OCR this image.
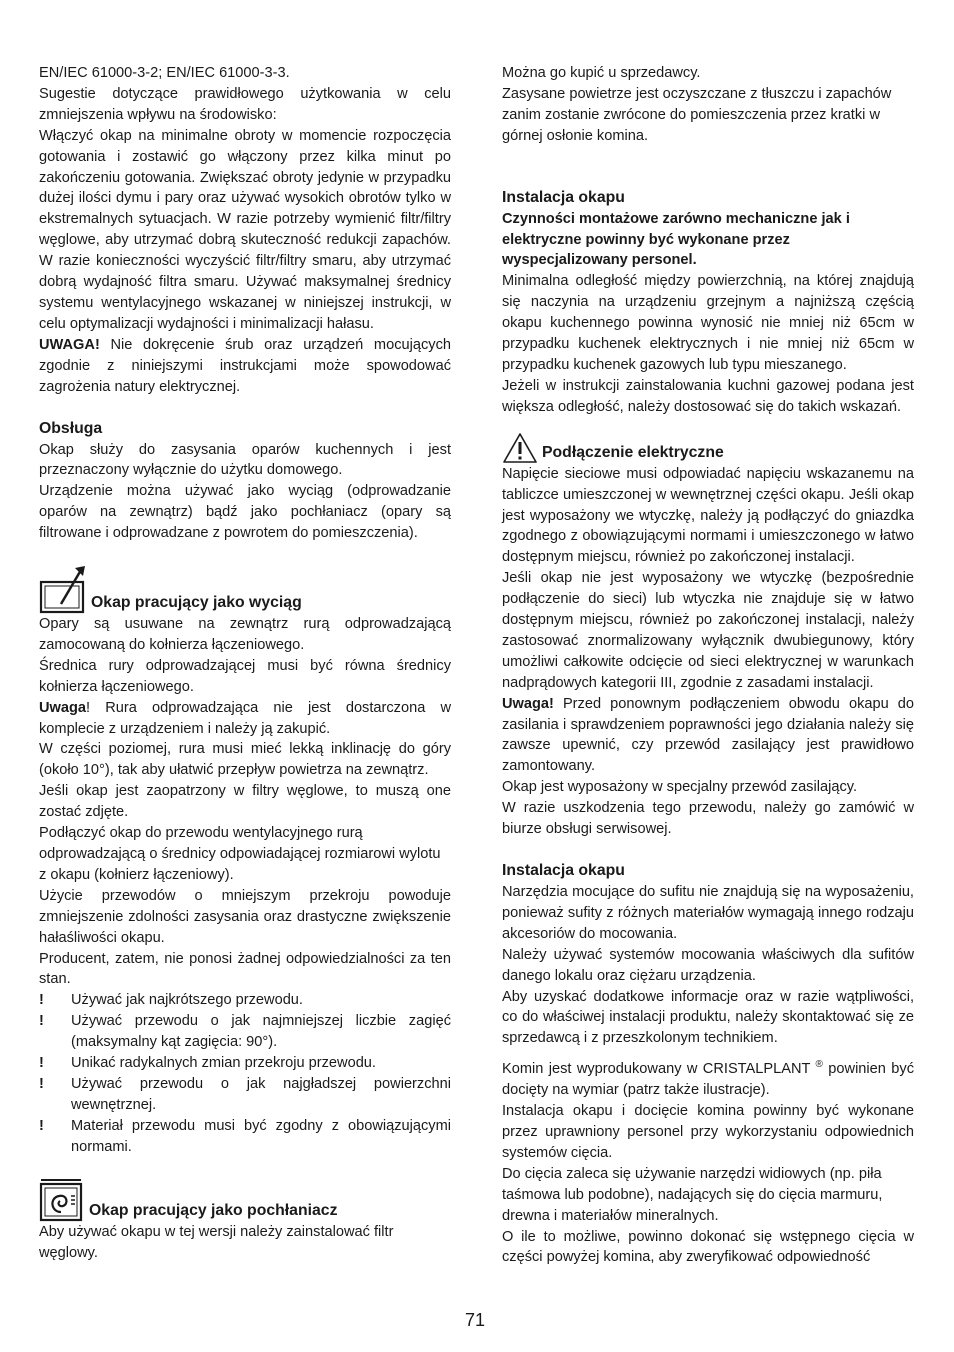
EN/IEC 61000-3-2; EN/IEC 61000-3-3.

Sugestie dotyczące prawidłowego użytkowania w celu zmniejszenia wpływu na środowisko:

Włączyć okap na minimalne obroty w momencie rozpoczęcia gotowania i zostawić go włączony przez kilka minut po zakończeniu gotowania. Zwiększać obroty jedynie w przypadku dużej ilości dymu i pary oraz używać wysokich obrotów tylko w ekstremalnych sytuacjach. W razie potrzeby wymienić filtr/filtry węglowe, aby utrzymać dobrą skuteczność redukcji zapachów. W razie konieczności wyczyścić filtr/filtry smaru, aby utrzymać dobrą wydajność filtra smaru. Używać maksymalnej średnicy systemu wentylacyjnego wskazanej w niniejszej instrukcji, w celu optymalizacji wydajności i minimalizacji hałasu.

UWAGA! Nie dokręcenie śrub oraz urządzeń mocujących zgodnie z niniejszymi instrukcjami może spowodować zagrożenia natury elektrycznej.

Obsługa

Okap służy do zasysania oparów kuchennych i jest przeznaczony wyłącznie do użytku domowego.

Urządzenie można używać jako wyciąg (odprowadzanie oparów na zewnątrz) bądź jako pochłaniacz (opary są filtrowane i odprowadzane z powrotem do pomieszczenia).

Okap pracujący jako wyciąg

Opary są usuwane na zewnątrz rurą odprowadzającą zamocowaną do kołnierza łączeniowego.

Średnica rury odprowadzającej musi być równa średnicy kołnierza łączeniowego.

Uwaga! Rura odprowadzająca nie jest dostarczona w komplecie z urządzeniem i należy ją zakupić.

W części poziomej, rura musi mieć lekką inklinację do góry (około 10°), tak aby ułatwić przepływ powietrza na zewnątrz.

Jeśli okap jest zaopatrzony w filtry węglowe, to muszą one zostać zdjęte.

Podłączyć okap do przewodu wentylacyjnego rurą

odprowadzającą o średnicy odpowiadającej rozmiarowi wylotu z okapu (kołnierz łączeniowy).

Użycie przewodów o mniejszym przekroju powoduje zmniejszenie zdolności zasysania oraz drastyczne zwiększenie hałaśliwości okapu.

Producent, zatem, nie ponosi żadnej odpowiedzialności za ten stan.

!	Używać jak najkrótszego przewodu.
!	Używać przewodu o jak najmniejszej liczbie zagięć (maksymalny kąt zagięcia: 90°).
!	Unikać radykalnych zmian przekroju przewodu.
!	Używać przewodu o jak najgładszej powierzchni wewnętrznej.
!	Materiał przewodu musi być zgodny z obowiązującymi normami.
Okap pracujący jako pochłaniacz

Aby używać okapu w tej wersji należy zainstalować filtr węglowy.

Można go kupić u sprzedawcy.

Zasysane powietrze jest oczyszczane z tłuszczu i zapachów zanim zostanie zwrócone do pomieszczenia przez kratki w górnej osłonie komina.

Instalacja okapu

Czynności montażowe zarówno mechaniczne jak i elektryczne powinny być wykonane przez wyspecjalizowany personel.

Minimalna odległość między powierzchnią, na której znajdują się naczynia na urządzeniu grzejnym a najniższą częścią okapu kuchennego powinna wynosić nie mniej niż 65cm w przypadku kuchenek elektrycznych i nie mniej niż 65cm w przypadku kuchenek gazowych lub typu mieszanego.

Jeżeli w instrukcji zainstalowania kuchni gazowej podana jest większa odległość, należy dostosować się do takich wskazań.

Podłączenie elektryczne

Napięcie sieciowe musi odpowiadać napięciu wskazanemu na tabliczce umieszczonej w wewnętrznej części okapu. Jeśli okap jest wyposażony we wtyczkę, należy ją podłączyć do gniazdka zgodnego z obowiązującymi normami i umieszczonego w łatwo dostępnym miejscu, również po zakończonej instalacji.

Jeśli okap nie jest wyposażony we wtyczkę (bezpośrednie podłączenie do sieci) lub wtyczka nie znajduje się w łatwo dostępnym miejscu, również po zakończonej instalacji, należy zastosować znormalizowany wyłącznik dwubiegunowy, który umożliwi całkowite odcięcie od sieci elektrycznej w warunkach nadprądowych kategorii III, zgodnie z zasadami instalacji.

Uwaga! Przed ponownym podłączeniem obwodu okapu do zasilania i sprawdzeniem poprawności jego działania należy się zawsze upewnić, czy przewód zasilający jest prawidłowo zamontowany.

Okap jest wyposażony w specjalny przewód zasilający.

W razie uszkodzenia tego przewodu, należy go zamówić w biurze obsługi serwisowej.

Instalacja okapu

Narzędzia mocujące do sufitu nie znajdują się na wyposażeniu, ponieważ sufity z różnych materiałów wymagają innego rodzaju akcesoriów do mocowania.

Należy używać systemów mocowania właściwych dla sufitów danego lokalu oraz ciężaru urządzenia.

Aby uzyskać dodatkowe informacje oraz w razie wątpliwości, co do właściwej instalacji produktu, należy skontaktować się ze sprzedawcą i z przeszkolonym technikiem.

Komin jest wyprodukowany w CRISTALPLANT ® powinien być docięty na wymiar (patrz także ilustracje).

Instalacja okapu i docięcie komina powinny być wykonane przez uprawniony personel przy wykorzystaniu odpowiednich systemów cięcia.

Do cięcia zaleca się używanie narzędzi widiowych (np. piła taśmowa lub podobne), nadających się do cięcia marmuru, drewna i materiałów mineralnych.

O ile to możliwe, powinno dokonać się wstępnego cięcia w części powyżej komina, aby zweryfikować odpowiedność

71
